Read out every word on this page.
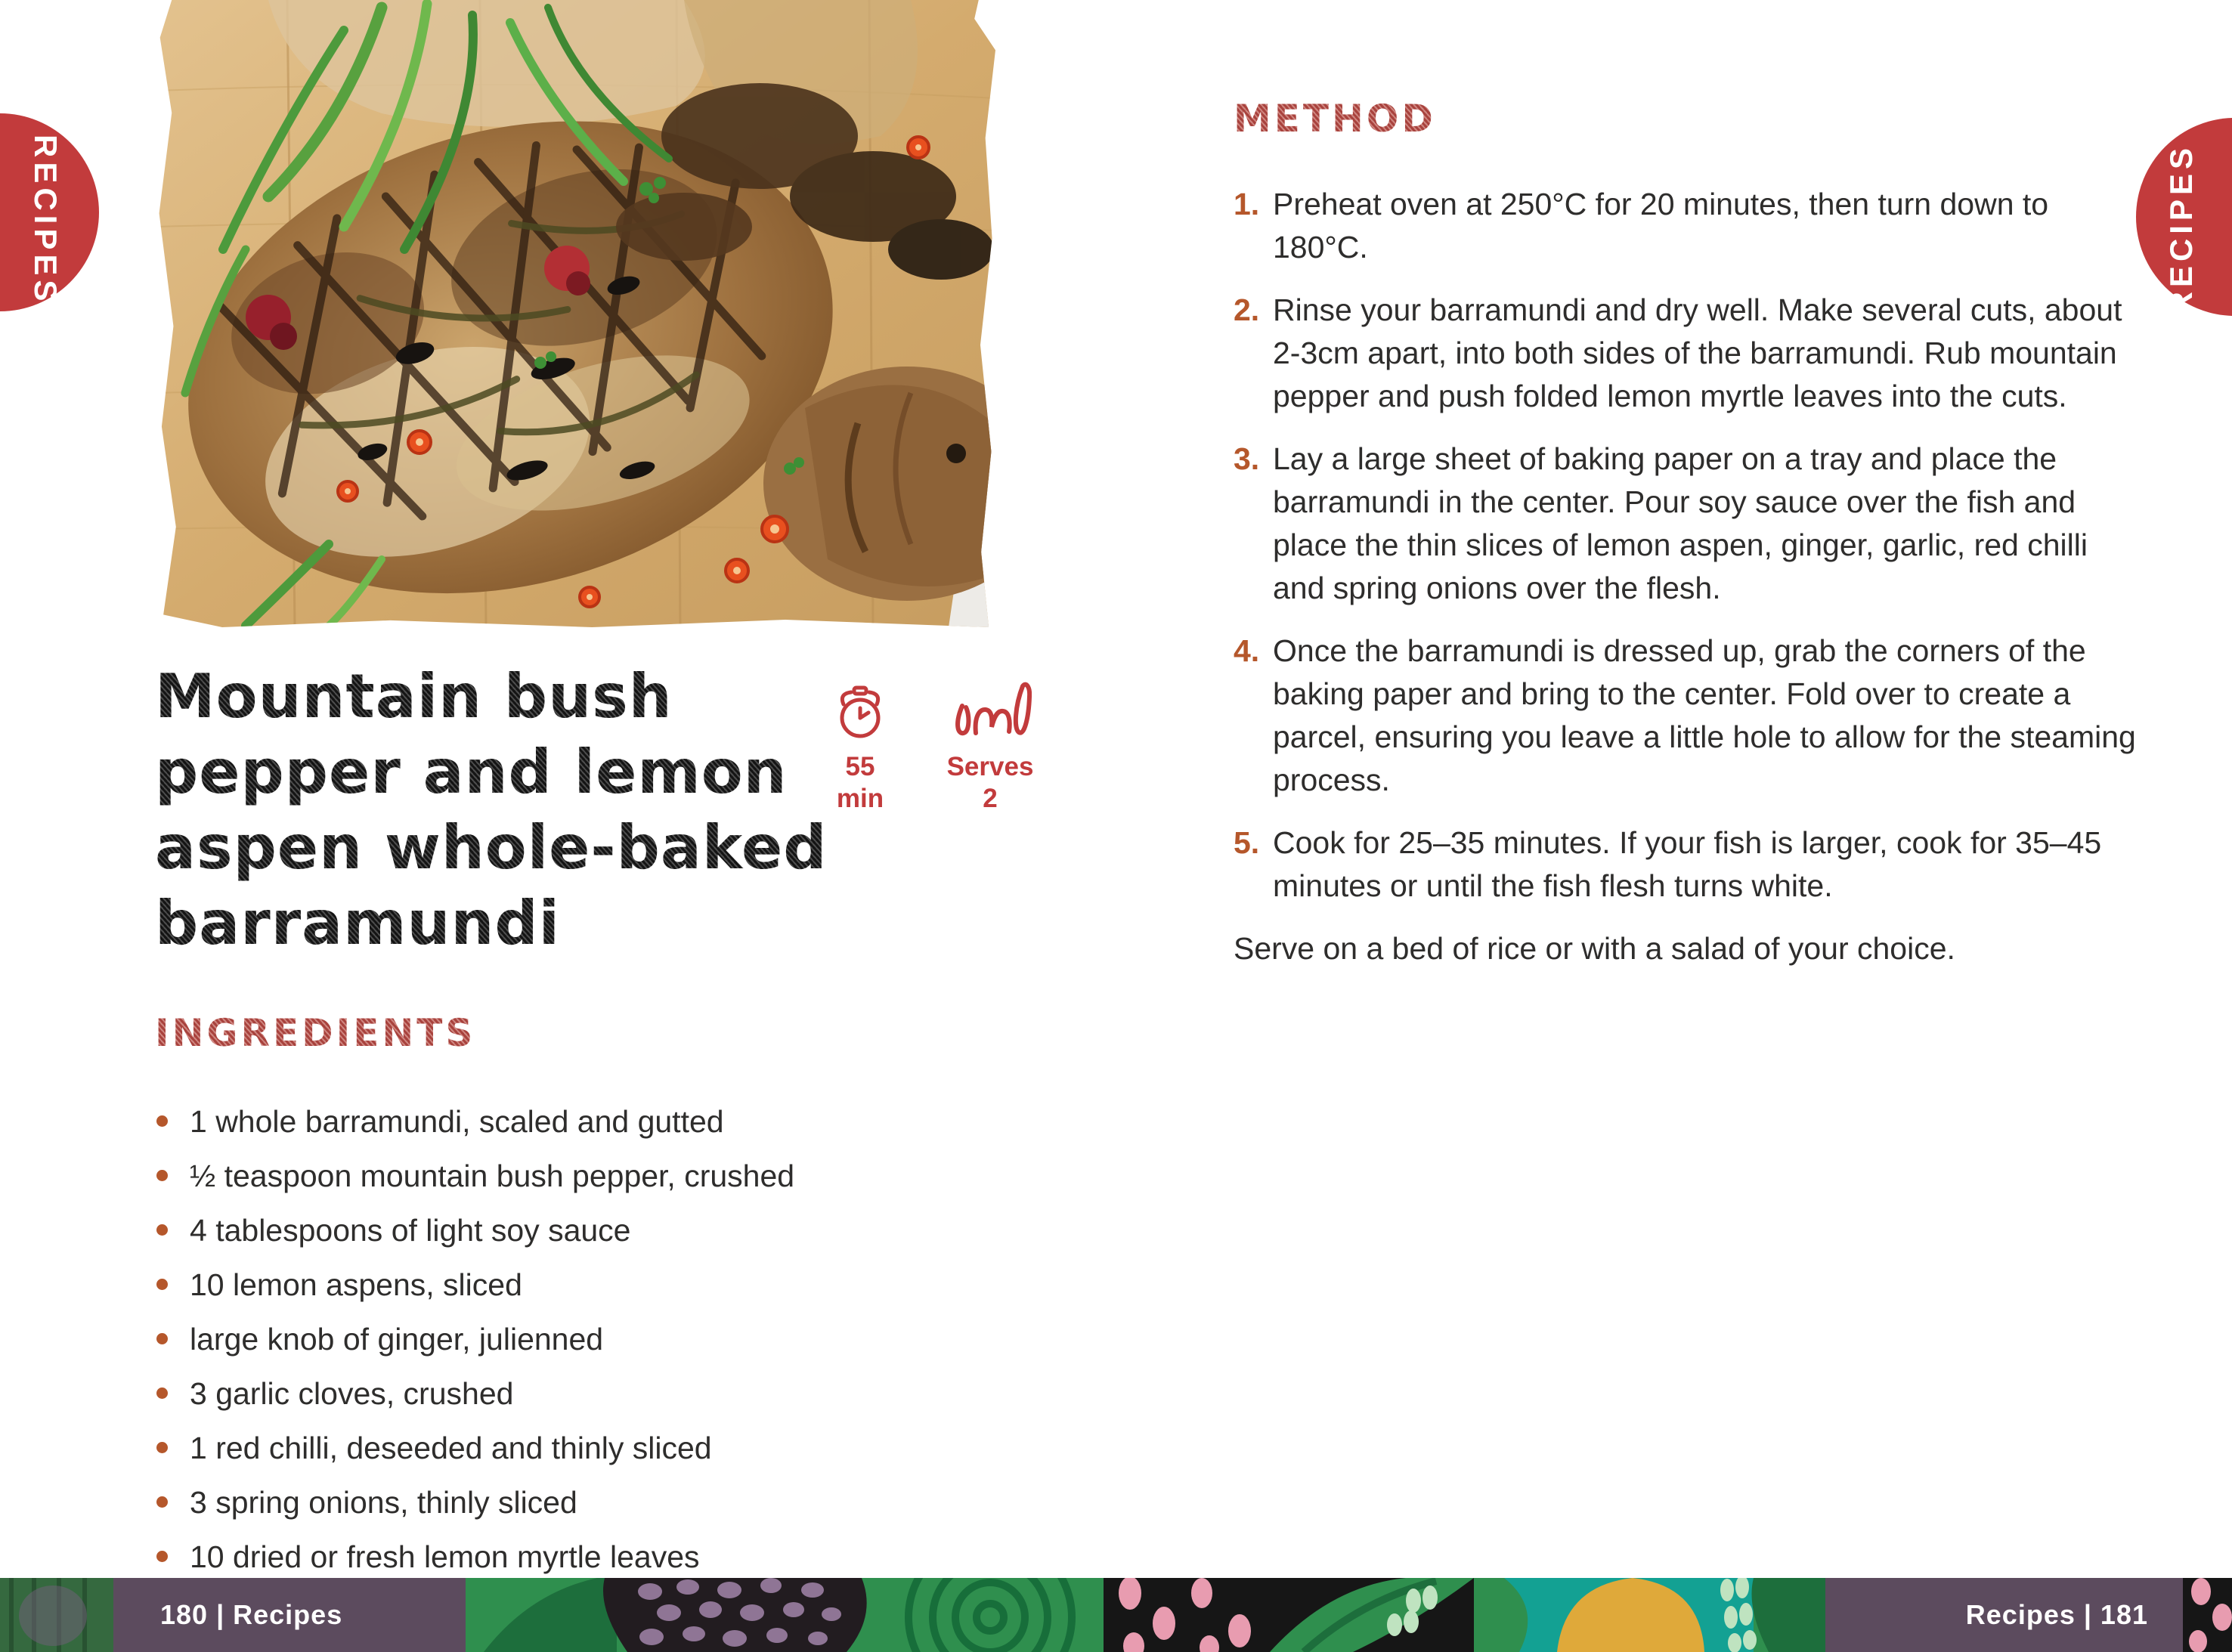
Mountain bush
pepper and lemon
aspen whole-baked
barramundi
55
min
Serves
2
INGREDIENTS
1 whole barramundi, scaled and gutted
½ teaspoon mountain bush pepper, crushed
4 tablespoons of light soy sauce
10 lemon aspens, sliced
large knob of ginger, julienned
3 garlic cloves, crushed
1 red chilli, deseeded and thinly sliced
3 spring onions, thinly sliced
10 dried or fresh lemon myrtle leaves
METHOD
1. Preheat oven at 250°C for 20 minutes, then turn down to 180°C.
2. Rinse your barramundi and dry well. Make several cuts, about 2-3cm apart, into both sides of the barramundi. Rub mountain pepper and push folded lemon myrtle leaves into the cuts.
3. Lay a large sheet of baking paper on a tray and place the barramundi in the center. Pour soy sauce over the fish and place the thin slices of lemon aspen, ginger, garlic, red chilli and spring onions over the flesh.
4. Once the barramundi is dressed up, grab the corners of the baking paper and bring to the center. Fold over to create a parcel, ensuring you leave a little hole to allow for the steaming process.
5. Cook for 25–35 minutes. If your fish is larger, cook for 35–45 minutes or until the fish flesh turns white.
Serve on a bed of rice or with a salad of your choice.
180 | Recipes	Recipes | 181
RECIPES	RECIPES
